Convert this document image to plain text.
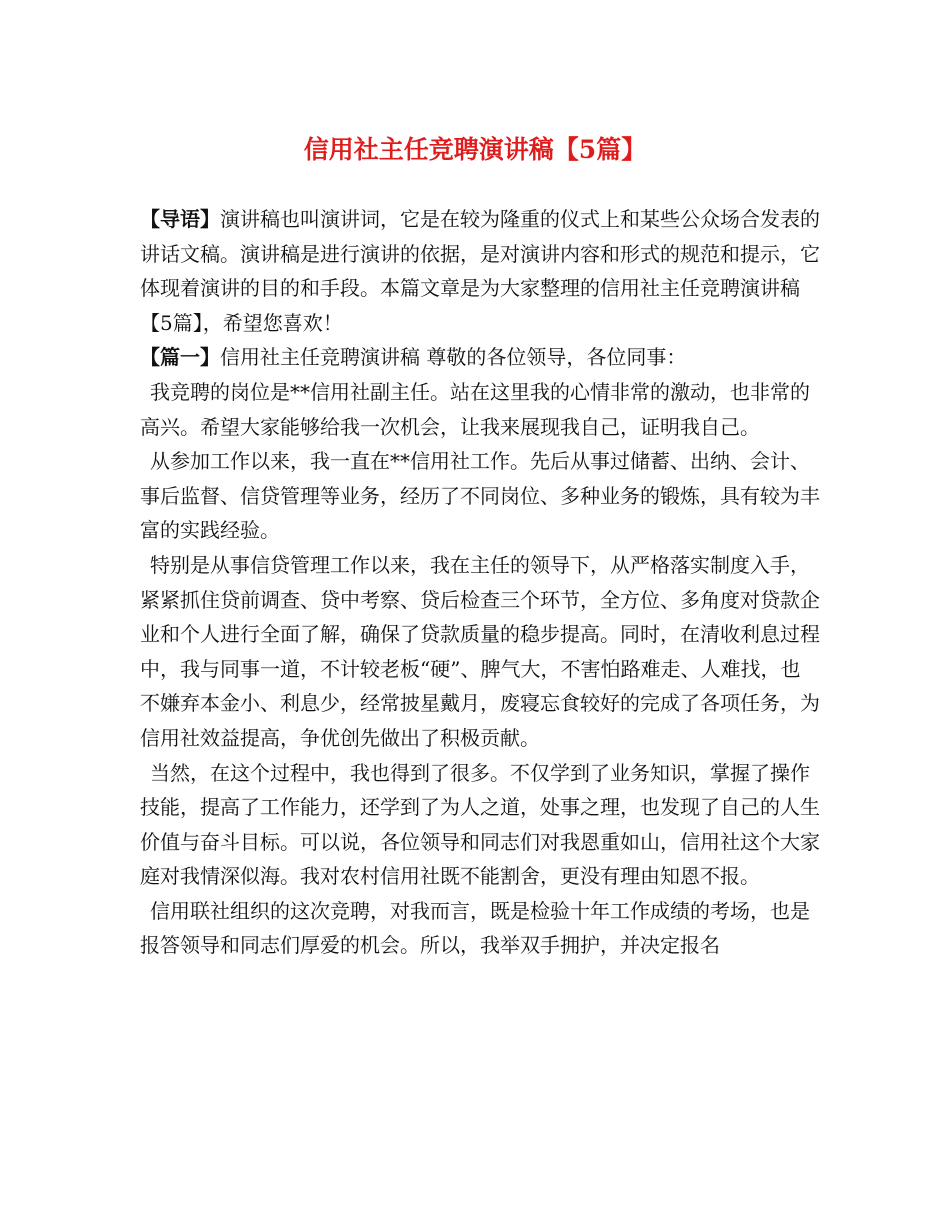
信用社主任竞聘演讲稿【5篇】

【导语】演讲稿也叫演讲词，它是在较为隆重的仪式上和某些公众场合发表的讲话文稿。演讲稿是进行演讲的依据，是对演讲内容和形式的规范和提示，它体现着演讲的目的和手段。本篇文章是为大家整理的信用社主任竞聘演讲稿【5篇】，希望您喜欢！

【篇一】信用社主任竞聘演讲稿 尊敬的各位领导，各位同事：

我竞聘的岗位是**信用社副主任。站在这里我的心情非常的激动，也非常的高兴。希望大家能够给我一次机会，让我来展现我自己，证明我自己。

从参加工作以来，我一直在**信用社工作。先后从事过储蓄、出纳、会计、事后监督、信贷管理等业务，经历了不同岗位、多种业务的锻炼，具有较为丰富的实践经验。

特别是从事信贷管理工作以来，我在主任的领导下，从严格落实制度入手，紧紧抓住贷前调查、贷中考察、贷后检查三个环节，全方位、多角度对贷款企业和个人进行全面了解，确保了贷款质量的稳步提高。同时，在清收利息过程中，我与同事一道，不计较老板“硬”、脾气大，不害怕路难走、人难找，也不嫌弃本金小、利息少，经常披星戴月，废寝忘食较好的完成了各项任务，为信用社效益提高，争优创先做出了积极贡献。

当然，在这个过程中，我也得到了很多。不仅学到了业务知识，掌握了操作技能，提高了工作能力，还学到了为人之道，处事之理，也发现了自己的人生价值与奋斗目标。可以说，各位领导和同志们对我恩重如山，信用社这个大家庭对我情深似海。我对农村信用社既不能割舍，更没有理由知恩不报。

信用联社组织的这次竞聘，对我而言，既是检验十年工作成绩的考场，也是报答领导和同志们厚爱的机会。所以，我举双手拥护，并决定报名
